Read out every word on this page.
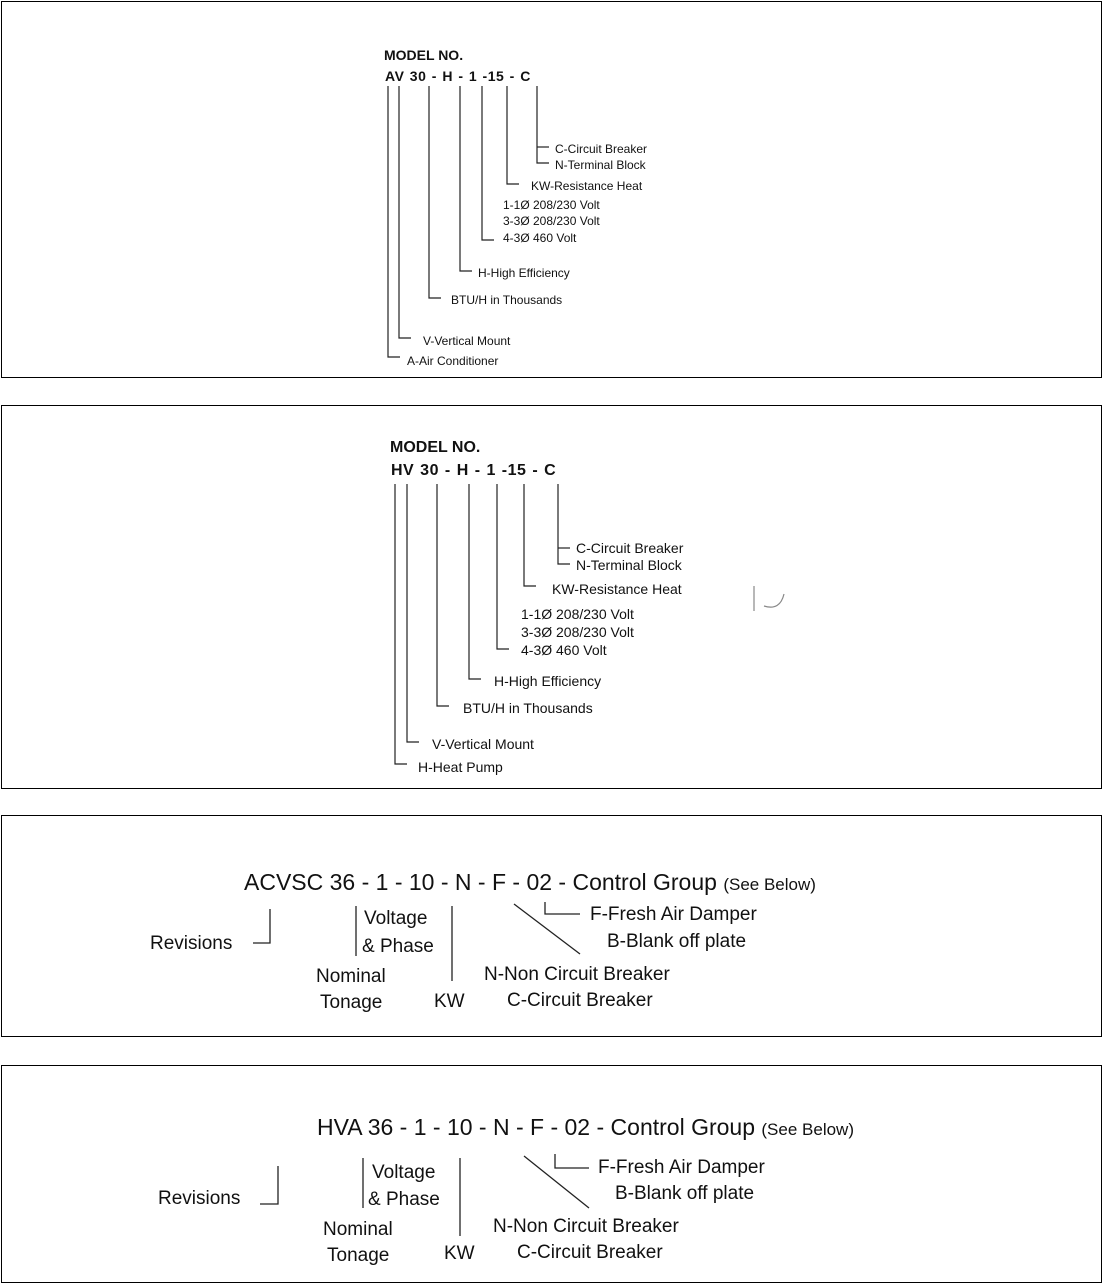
MODEL NO.
AV 30 - H - 1 -15 - C
C-Circuit Breaker
N-Terminal Block
KW-Resistance Heat
1-1Ø 208/230 Volt
3-3Ø 208/230 Volt
4-3Ø 460 Volt
H-High Efficiency
BTU/H in Thousands
V-Vertical Mount
A-Air Conditioner
MODEL NO.
HV 30 - H - 1 -15 - C
C-Circuit Breaker
N-Terminal Block
KW-Resistance Heat
1-1Ø 208/230 Volt
3-3Ø 208/230 Volt
4-3Ø 460 Volt
H-High Efficiency
BTU/H in Thousands
V-Vertical Mount
H-Heat Pump
ACVSC 36 - 1 - 10 - N - F - 02 - Control Group (See Below)
Revisions
Voltage
& Phase
Nominal
Tonage	KW
F-Fresh Air Damper
B-Blank off plate
N-Non Circuit Breaker
C-Circuit Breaker
HVA 36 - 1 - 10 - N - F - 02 - Control Group (See Below)
Revisions
Voltage
& Phase
Nominal
Tonage	KW
F-Fresh Air Damper
B-Blank off plate
N-Non Circuit Breaker
C-Circuit Breaker
